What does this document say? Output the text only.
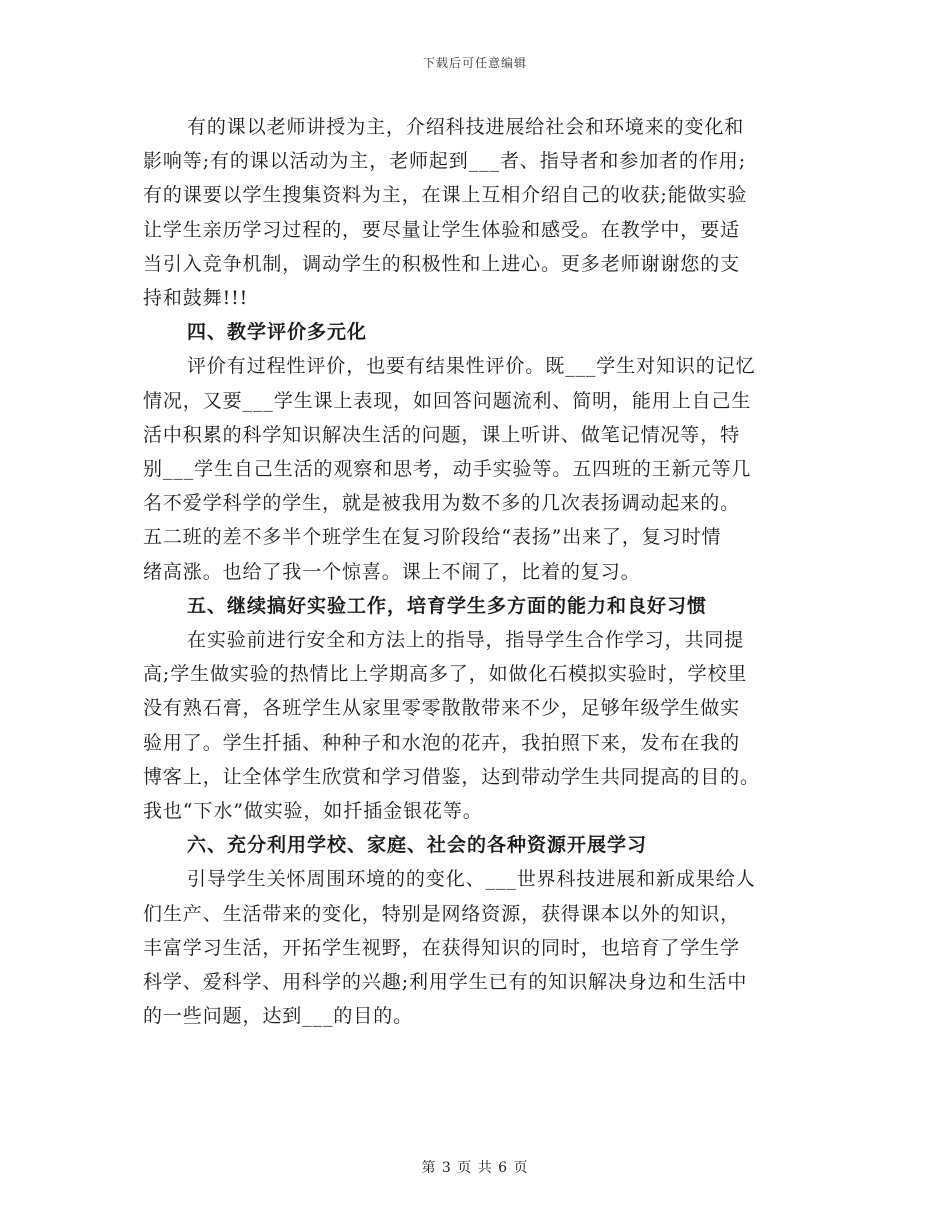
下载后可任意编辑
有的课以老师讲授为主，介绍科技进展给社会和环境来的变化和
影响等;有的课以活动为主，老师起到___者、指导者和参加者的作用;
有的课要以学生搜集资料为主，在课上互相介绍自己的收获;能做实验
让学生亲历学习过程的，要尽量让学生体验和感受。在教学中，要适
当引入竞争机制，调动学生的积极性和上进心。更多老师谢谢您的支
持和鼓舞!!!
四、教学评价多元化
评价有过程性评价，也要有结果性评价。既___学生对知识的记忆
情况，又要___学生课上表现，如回答问题流利、简明，能用上自己生
活中积累的科学知识解决生活的问题，课上听讲、做笔记情况等，特
别___学生自己生活的观察和思考，动手实验等。五四班的王新元等几
名不爱学科学的学生，就是被我用为数不多的几次表扬调动起来的。
五二班的差不多半个班学生在复习阶段给“表扬”出来了，复习时情
绪高涨。也给了我一个惊喜。课上不闹了，比着的复习。
五、继续搞好实验工作，培育学生多方面的能力和良好习惯
在实验前进行安全和方法上的指导，指导学生合作学习，共同提
高;学生做实验的热情比上学期高多了，如做化石模拟实验时，学校里
没有熟石膏，各班学生从家里零零散散带来不少，足够年级学生做实
验用了。学生扦插、种种子和水泡的花卉，我拍照下来，发布在我的
博客上，让全体学生欣赏和学习借鉴，达到带动学生共同提高的目的。
我也“下水”做实验，如扦插金银花等。
六、充分利用学校、家庭、社会的各种资源开展学习
引导学生关怀周围环境的的变化、___世界科技进展和新成果给人
们生产、生活带来的变化，特别是网络资源，获得课本以外的知识，
丰富学习生活，开拓学生视野，在获得知识的同时，也培育了学生学
科学、爱科学、用科学的兴趣;利用学生已有的知识解决身边和生活中
的一些问题，达到___的目的。
第 3 页 共 6 页
